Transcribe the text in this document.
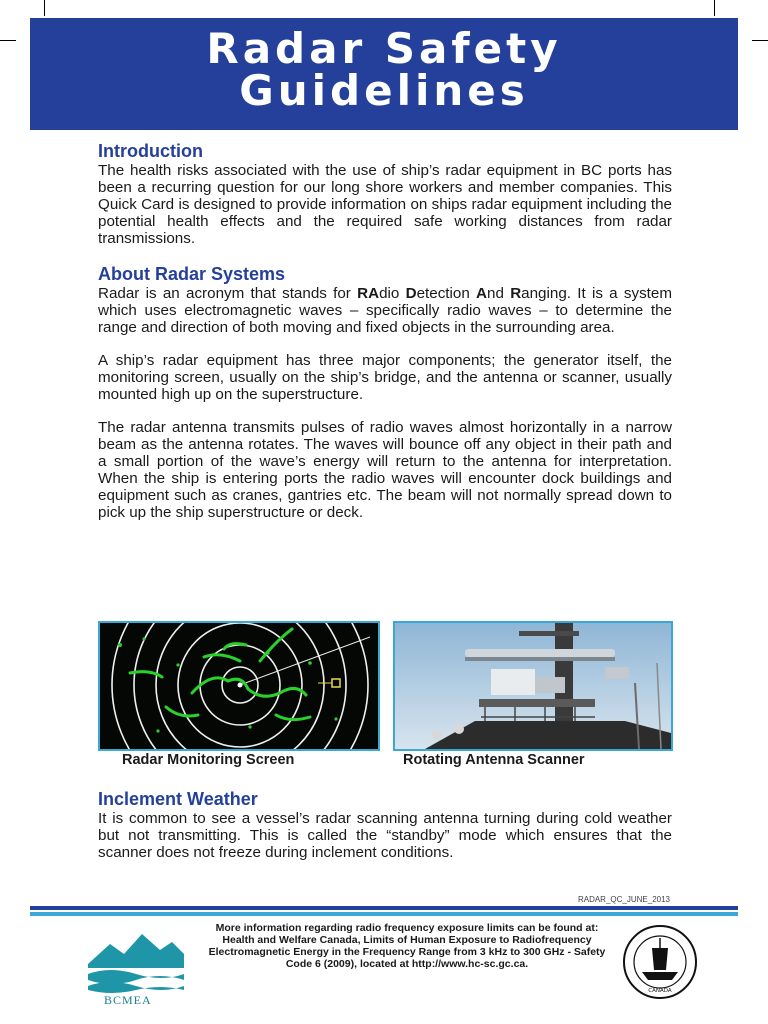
Radar Safety
Guidelines
Introduction

The health risks associated with the use of ship’s radar equipment in BC ports has been a recurring question for our long shore workers and member companies. This Quick Card is designed to provide information on ships radar equipment including the potential health effects and the required safe working distances from radar transmissions.

About Radar Systems

Radar is an acronym that stands for RAdio Detection And Ranging. It is a system which uses electromagnetic waves – specifically radio waves – to determine the range and direction of both moving and fixed objects in the surrounding area.

A ship’s radar equipment has three major components; the generator itself, the monitoring screen, usually on the ship’s bridge, and the antenna or scanner, usually mounted high up on the superstructure.

The radar antenna transmits pulses of radio waves almost horizontally in a narrow beam as the antenna rotates. The waves will bounce off any object in their path and a small portion of the wave’s energy will return to the antenna for interpretation. When the ship is entering ports the radio waves will encounter dock buildings and equipment such as cranes, gantries etc. The beam will not normally spread down to pick up the ship superstructure or deck.

Radar Monitoring Screen	Rotating Antenna Scanner
Inclement Weather

It is common to see a vessel’s radar scanning antenna turning during cold weather but not transmitting. This is called the “standby” mode which ensures that the scanner does not freeze during inclement conditions.

RADAR_QC_JUNE_2013
BCMEA
More information regarding radio frequency exposure limits can be found at: Health and Welfare Canada, Limits of Human Exposure to Radiofrequency Electromagnetic Energy in the Frequency Range from 3 kHz to 300 GHz - Safety Code 6 (2009), located at http://www.hc-sc.gc.ca.
CANADA
